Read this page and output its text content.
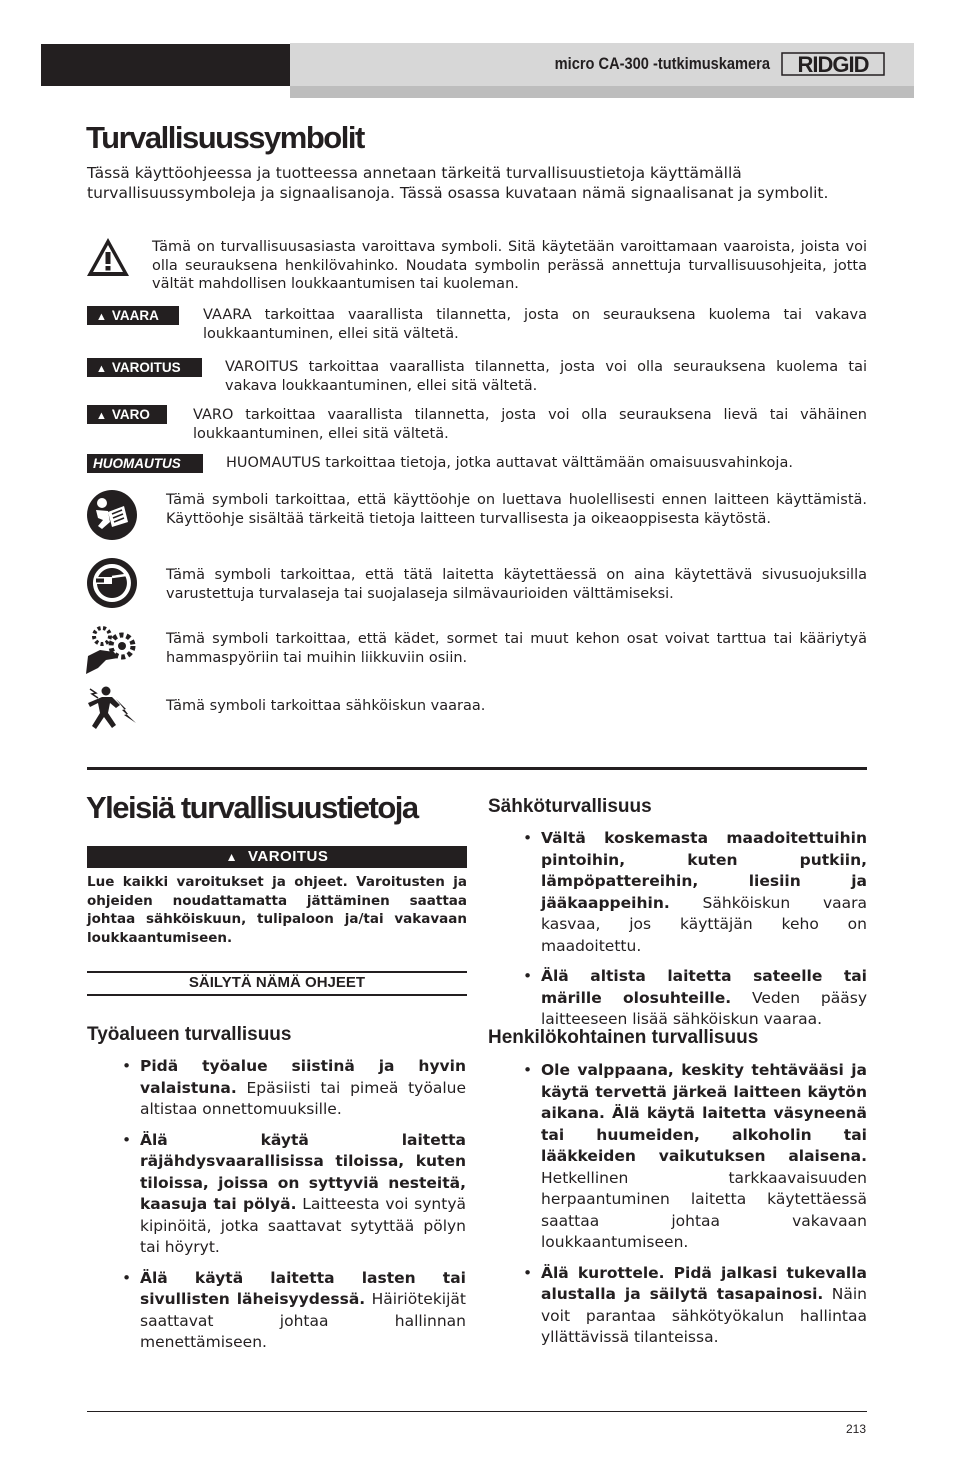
micro CA-300 -tutkimuskamera RIDGID
Turvallisuussymbolit
Tässä käyttöohjeessa ja tuotteessa annetaan tärkeitä turvallisuustietoja käyttämällä turvallisuussymboleja ja signaalisanoja. Tässä osassa kuvataan nämä signaalisanat ja symbolit.
Tämä on turvallisuusasiasta varoittava symboli. Sitä käytetään varoittamaan vaaroista, joista voi olla seurauksena henkilövahinko. Noudata symbolin perässä annettuja turvallisuusohjeita, jotta vältät mahdollisen loukkaantumisen tai kuoleman.
▲ VAARA	VAARA tarkoittaa vaarallista tilannetta, josta on seurauksena kuolema tai vakava loukkaantuminen, ellei sitä vältetä.
▲ VAROITUS	VAROITUS tarkoittaa vaarallista tilannetta, josta voi olla seurauksena kuolema tai vakava loukkaantuminen, ellei sitä vältetä.
▲ VARO	VARO tarkoittaa vaarallista tilannetta, josta voi olla seurauksena lievä tai vähäinen loukkaantuminen, ellei sitä vältetä.
HUOMAUTUS	HUOMAUTUS tarkoittaa tietoja, jotka auttavat välttämään omaisuusvahinkoja.
Tämä symboli tarkoittaa, että käyttöohje on luettava huolellisesti ennen laitteen käyttämistä. Käyttöohje sisältää tärkeitä tietoja laitteen turvallisesta ja oikeaoppisesta käytöstä.
Tämä symboli tarkoittaa, että tätä laitetta käytettäessä on aina käytettävä sivusuojuksilla varustettuja turvalaseja tai suojalaseja silmävaurioiden välttämiseksi.
Tämä symboli tarkoittaa, että kädet, sormet tai muut kehon osat voivat tarttua tai kääriytyä hammaspyöriin tai muihin liikkuviin osiin.
Tämä symboli tarkoittaa sähköiskun vaaraa.
Yleisiä turvallisuustietoja
▲ VAROITUS
Lue kaikki varoitukset ja ohjeet. Varoitusten ja ohjeiden noudattamatta jättäminen saattaa johtaa sähköiskuun, tulipaloon ja/tai vakavaan loukkaantumiseen.
SÄILYTÄ NÄMÄ OHJEET
Työalueen turvallisuus
• Pidä työalue siistinä ja hyvin valaistuna. Epäsiisti tai pimeä työalue altistaa onnettomuuksille.
• Älä käytä laitetta räjähdysvaarallisissa tiloissa, kuten tiloissa, joissa on syttyviä nesteitä, kaasuja tai pölyä. Laitteesta voi syntyä kipinöitä, jotka saattavat sytyttää pölyn tai höyryt.
• Älä käytä laitetta lasten tai sivullisten läheisyydessä. Häiriötekijät saattavat johtaa hallinnan menettämiseen.
Sähköturvallisuus
• Vältä koskemasta maadoitettuihin pintoihin, kuten putkiin, lämpöpattereihin, liesiin ja jääkaappeihin. Sähköiskun vaara kasvaa, jos käyttäjän keho on maadoitettu.
• Älä altista laitetta sateelle tai märille olosuhteille. Veden pääsy laitteeseen lisää sähköiskun vaaraa.
Henkilökohtainen turvallisuus
• Ole valppaana, keskity tehtävääsi ja käytä tervettä järkeä laitteen käytön aikana. Älä käytä laitetta väsyneenä tai huumeiden, alkoholin tai lääkkeiden vaikutuksen alaisena. Hetkellinen tarkkaavaisuuden herpaantuminen laitetta käytettäessä saattaa johtaa vakavaan loukkaantumiseen.
• Älä kurottele. Pidä jalkasi tukevalla alustalla ja säilytä tasapainosi. Näin voit parantaa sähkötyökalun hallintaa yllättävissä tilanteissa.
213
